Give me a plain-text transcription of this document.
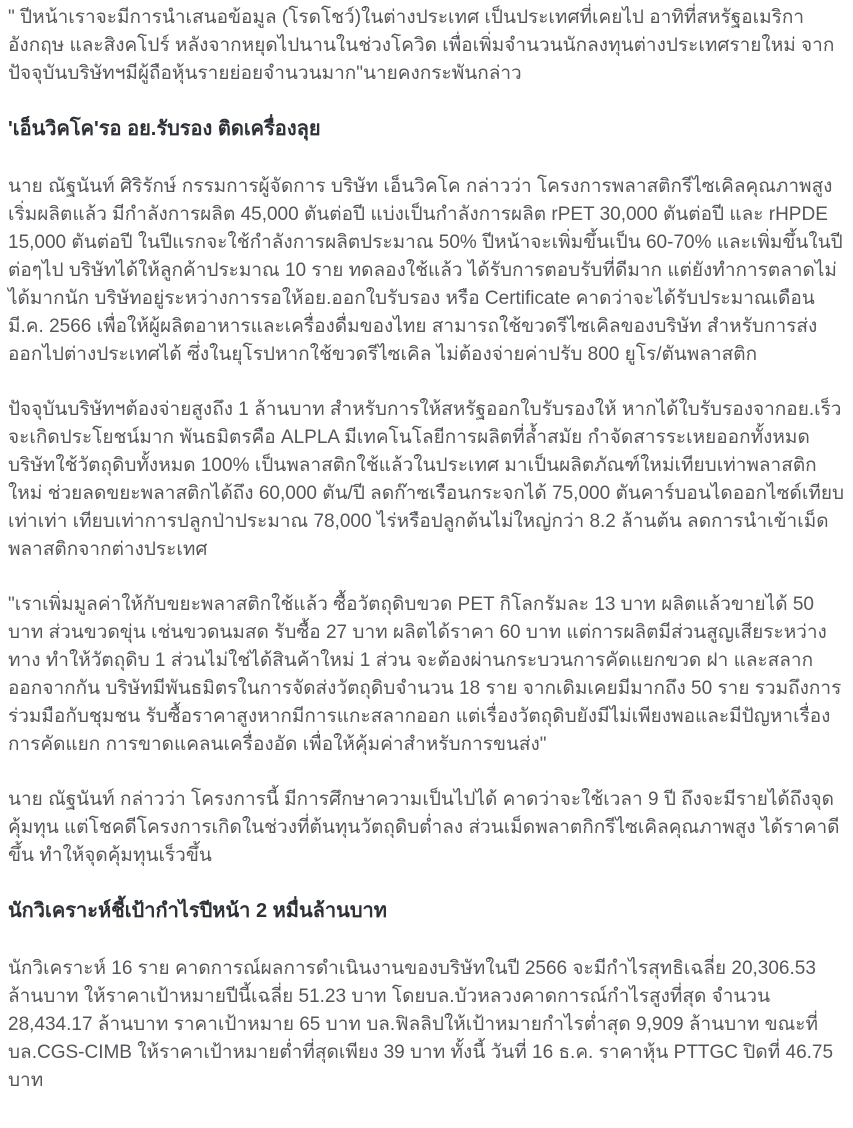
" ปีหน้าเราจะมีการนำเสนอข้อมูล (โรดโชว์)ในต่างประเทศ เป็นประเทศที่เคยไป อาทิที่สหรัฐอเมริกา อังกฤษ และสิงคโปร์ หลังจากหยุดไปนานในช่วงโควิด เพื่อเพิ่มจำนวนนักลงทุนต่างประเทศรายใหม่ จากปัจจุบันบริษัทฯมีผู้ถือหุ้นรายย่อยจำนวนมาก"นายคงกระพันกล่าว

'เอ็นวิคโค'รอ อย.รับรอง ติดเครื่องลุย

นาย ณัฐนันท์ ศิริรักษ์ กรรมการผู้จัดการ บริษัท เอ็นวิคโค กล่าวว่า โครงการพลาสติกรีไซเคิลคุณภาพสูงเริ่มผลิตแล้ว มีกำลังการผลิต 45,000 ตันต่อปี แบ่งเป็นกำลังการผลิต rPET 30,000 ตันต่อปี และ rHPDE 15,000 ตันต่อปี ในปีแรกจะใช้กำลังการผลิตประมาณ 50% ปีหน้าจะเพิ่มขึ้นเป็น 60-70% และเพิ่มขึ้นในปีต่อๆไป บริษัทได้ให้ลูกค้าประมาณ 10 ราย ทดลองใช้แล้ว ได้รับการตอบรับที่ดีมาก แต่ยังทำการตลาดไม่ได้มากนัก บริษัทอยู่ระหว่างการรอให้อย.ออกใบรับรอง หรือ Certificate คาดว่าจะได้รับประมาณเดือนมี.ค. 2566 เพื่อให้ผู้ผลิตอาหารและเครื่องดื่มของไทย สามารถใช้ขวดรีไซเคิลของบริษัท สำหรับการส่งออกไปต่างประเทศได้ ซึ่งในยุโรปหากใช้ขวดรีไซเคิล ไม่ต้องจ่ายค่าปรับ 800 ยูโร/ตันพลาสติก

ปัจจุบันบริษัทฯต้องจ่ายสูงถึง 1 ล้านบาท สำหรับการให้สหรัฐออกใบรับรองให้ หากได้ใบรับรองจากอย.เร็ว จะเกิดประโยชน์มาก พันธมิตรคือ ALPLA มีเทคโนโลยีการผลิตที่ล้ำสมัย กำจัดสารระเหยออกทั้งหมด บริษัทใช้วัตถุดิบทั้งหมด 100% เป็นพลาสติกใช้แล้วในประเทศ มาเป็นผลิตภัณฑ์ใหม่เทียบเท่าพลาสติกใหม่ ช่วยลดขยะพลาสติกได้ถึง 60,000 ตัน/ปี ลดก๊าซเรือนกระจกได้ 75,000 ตันคาร์บอนไดออกไซด์เทียบเท่าเท่า เทียบเท่าการปลูกป่าประมาณ 78,000 ไร่หรือปลูกต้นไม่ใหญ่กว่า 8.2 ล้านต้น ลดการนำเข้าเม็ดพลาสติกจากต่างประเทศ

"เราเพิ่มมูลค่าให้กับขยะพลาสติกใช้แล้ว ซื้อวัตถุดิบขวด PET กิโลกรัมละ 13 บาท ผลิตแล้วขายได้ 50 บาท ส่วนขวดขุ่น เช่นขวดนมสด รับซื้อ 27 บาท ผลิตได้ราคา 60 บาท แต่การผลิตมีส่วนสูญเสียระหว่างทาง ทำให้วัตถุดิบ 1 ส่วนไม่ใช่ได้สินค้าใหม่ 1 ส่วน จะต้องผ่านกระบวนการคัดแยกขวด ฝา และสลากออกจากกัน บริษัทมีพันธมิตรในการจัดส่งวัตถุดิบจำนวน 18 ราย จากเดิมเคยมีมากถึง 50 ราย รวมถึงการร่วมมือกับชุมชน รับซื้อราคาสูงหากมีการแกะสลากออก แต่เรื่องวัตถุดิบยังมีไม่เพียงพอและมีปัญหาเรื่องการคัดแยก การขาดแคลนเครื่องอัด เพื่อให้คุ้มค่าสำหรับการขนส่ง"

นาย ณัฐนันท์ กล่าวว่า โครงการนี้ มีการศึกษาความเป็นไปได้ คาดว่าจะใช้เวลา 9 ปี ถึงจะมีรายได้ถึงจุดคุ้มทุน แต่โชคดีโครงการเกิดในช่วงที่ต้นทุนวัตถุดิบต่ำลง ส่วนเม็ดพลาตกิกรีไซเคิลคุณภาพสูง ได้ราคาดีขึ้น ทำให้จุดคุ้มทุนเร็วขึ้น

นักวิเคราะห์ชี้เป้ากำไรปีหน้า 2 หมื่นล้านบาท

นักวิเคราะห์ 16 ราย คาดการณ์ผลการดำเนินงานของบริษัทในปี 2566 จะมีกำไรสุทธิเฉลี่ย 20,306.53 ล้านบาท ให้ราคาเป้าหมายปีนี้เฉลี่ย 51.23 บาท โดยบล.บัวหลวงคาดการณ์กำไรสูงที่สุด จำนวน 28,434.17 ล้านบาท ราคาเป้าหมาย 65 บาท บล.ฟิลลิปให้เป้าหมายกำไรต่ำสุด 9,909 ล้านบาท ขณะที่บล.CGS-CIMB ให้ราคาเป้าหมายต่ำที่สุดเพียง 39 บาท ทั้งนี้ วันที่ 16 ธ.ค. ราคาหุ้น PTTGC ปิดที่ 46.75 บาท
